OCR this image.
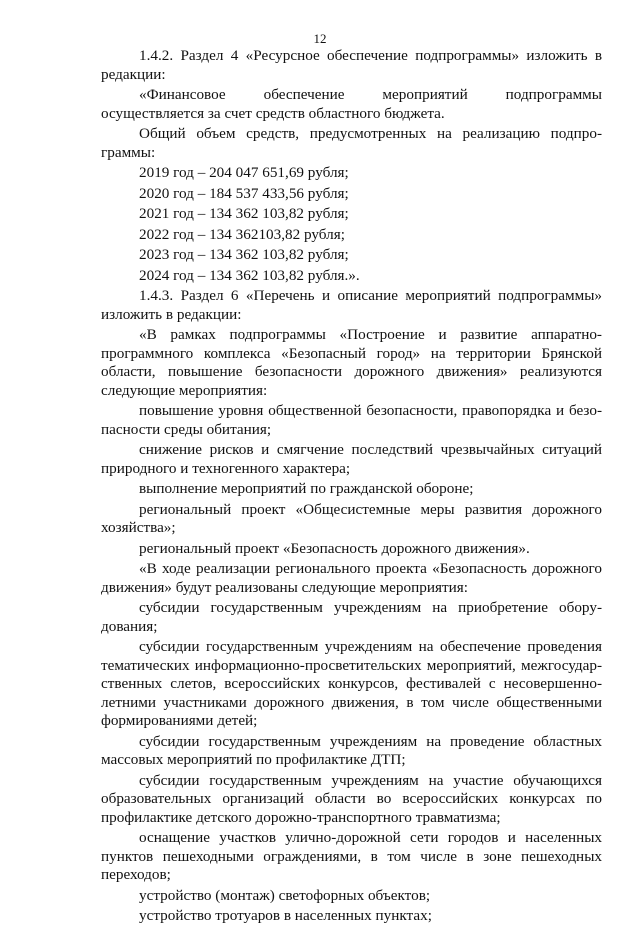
12

1.4.2. Раздел 4 «Ресурсное обеспечение подпрограммы» изложить в редакции:

«Финансовое обеспечение мероприятий подпрограммы осуществляется за счет средств областного бюджета.

Общий объем средств, предусмотренных на реализацию подпрограммы:

2019 год – 204 047 651,69 рубля;

2020 год – 184 537 433,56 рубля;

2021 год – 134 362 103,82 рубля;

2022 год – 134 362103,82 рубля;

2023 год – 134 362 103,82 рубля;

2024 год – 134 362 103,82 рубля.».

1.4.3. Раздел 6 «Перечень и описание мероприятий подпрограммы» изложить в редакции:

«В рамках подпрограммы «Построение и развитие аппаратно-программного комплекса «Безопасный город» на территории Брянской области, повышение безопасности дорожного движения» реализуются следующие мероприятия:

повышение уровня общественной безопасности, правопорядка и безопасности среды обитания;

снижение рисков и смягчение последствий чрезвычайных ситуаций природного и техногенного характера;

выполнение мероприятий по гражданской обороне;

региональный проект «Общесистемные меры развития дорожного хозяйства»;

региональный проект «Безопасность дорожного движения».

«В ходе реализации регионального проекта «Безопасность дорожного движения» будут реализованы следующие мероприятия:

субсидии государственным учреждениям на приобретение оборудования;

субсидии государственным учреждениям на обеспечение проведения тематических информационно-просветительских мероприятий, межгосударственных слетов, всероссийских конкурсов, фестивалей с несовершеннолетними участниками дорожного движения, в том числе общественными формированиями детей;

субсидии государственным учреждениям на проведение областных массовых мероприятий по профилактике ДТП;

субсидии государственным учреждениям на участие обучающихся образовательных организаций области во всероссийских конкурсах по профилактике детского дорожно-транспортного травматизма;

оснащение участков улично-дорожной сети городов и населенных пунктов пешеходными ограждениями, в том числе в зоне пешеходных переходов;

устройство (монтаж) светофорных объектов;

устройство тротуаров в населенных пунктах;
